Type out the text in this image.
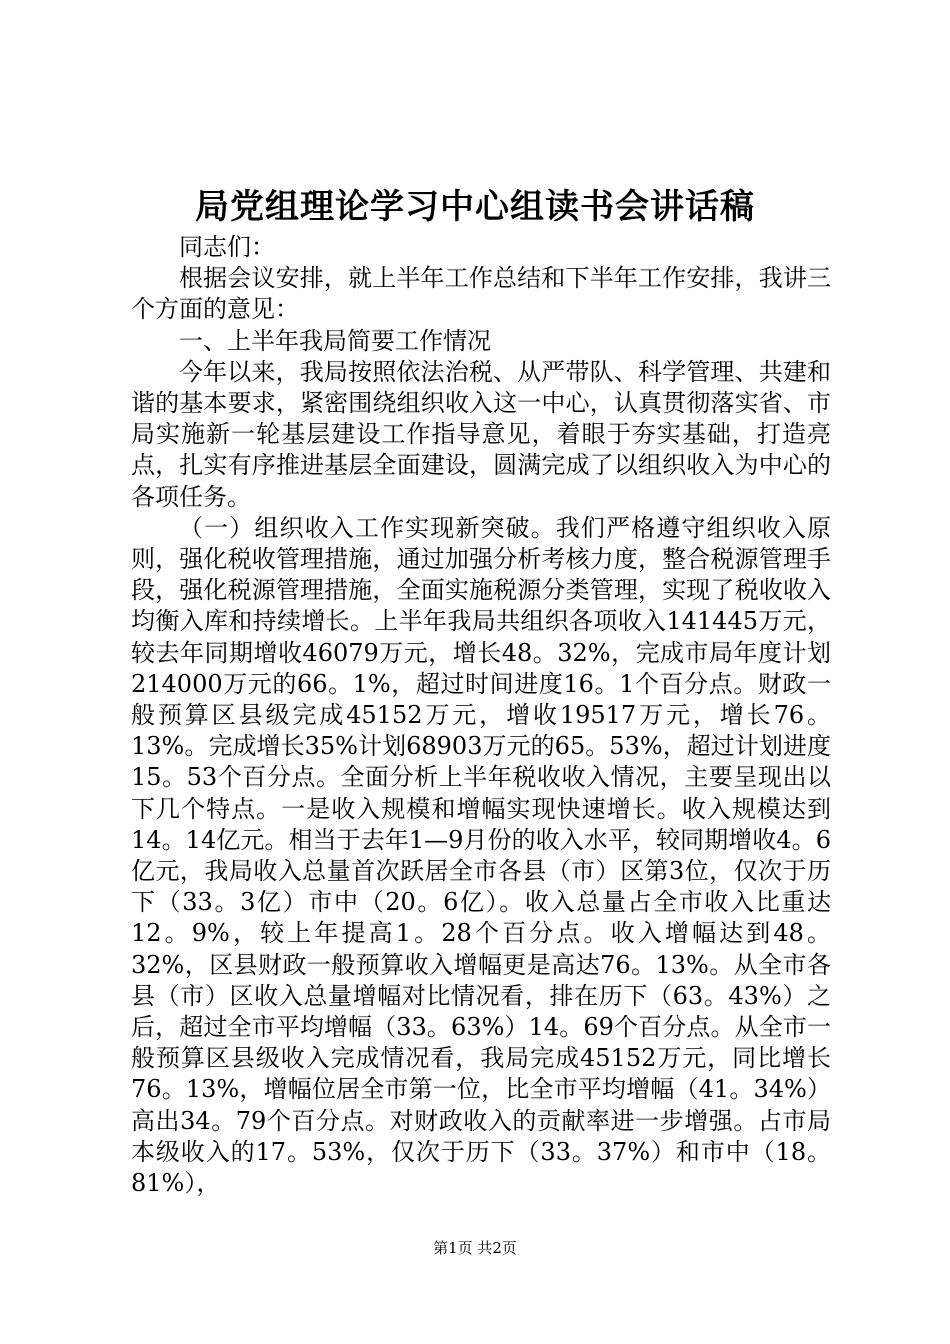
局党组理论学习中心组读书会讲话稿

同志们：

根据会议安排，就上半年工作总结和下半年工作安排，我讲三个方面的意见：

一、上半年我局简要工作情况

今年以来，我局按照依法治税、从严带队、科学管理、共建和谐的基本要求，紧密围绕组织收入这一中心，认真贯彻落实省、市局实施新一轮基层建设工作指导意见，着眼于夯实基础，打造亮点，扎实有序推进基层全面建设，圆满完成了以组织收入为中心的各项任务。

（一）组织收入工作实现新突破。我们严格遵守组织收入原则，强化税收管理措施，通过加强分析考核力度，整合税源管理手段，强化税源管理措施，全面实施税源分类管理，实现了税收收入均衡入库和持续增长。上半年我局共组织各项收入141445万元，较去年同期增收46079万元，增长48。32%，完成市局年度计划214000万元的66。1%，超过时间进度16。1个百分点。财政一般预算区县级完成45152万元，增收19517万元，增长76。13%。完成增长35%计划68903万元的65。53%，超过计划进度15。53个百分点。全面分析上半年税收收入情况，主要呈现出以下几个特点。一是收入规模和增幅实现快速增长。收入规模达到14。14亿元。相当于去年1—9月份的收入水平，较同期增收4。6亿元，我局收入总量首次跃居全市各县（市）区第3位，仅次于历下（33。3亿）市中（20。6亿）。收入总量占全市收入比重达12。9%，较上年提高1。28个百分点。收入增幅达到48。32%，区县财政一般预算收入增幅更是高达76。13%。从全市各县（市）区收入总量增幅对比情况看，排在历下（63。43%）之后，超过全市平均增幅（33。63%）14。69个百分点。从全市一般预算区县级收入完成情况看，我局完成45152万元，同比增长76。13%，增幅位居全市第一位，比全市平均增幅（41。34%）高出34。79个百分点。对财政收入的贡献率进一步增强。占市局本级收入的17。53%，仅次于历下（33。37%）和市中（18。81%），

第1页 共2页
